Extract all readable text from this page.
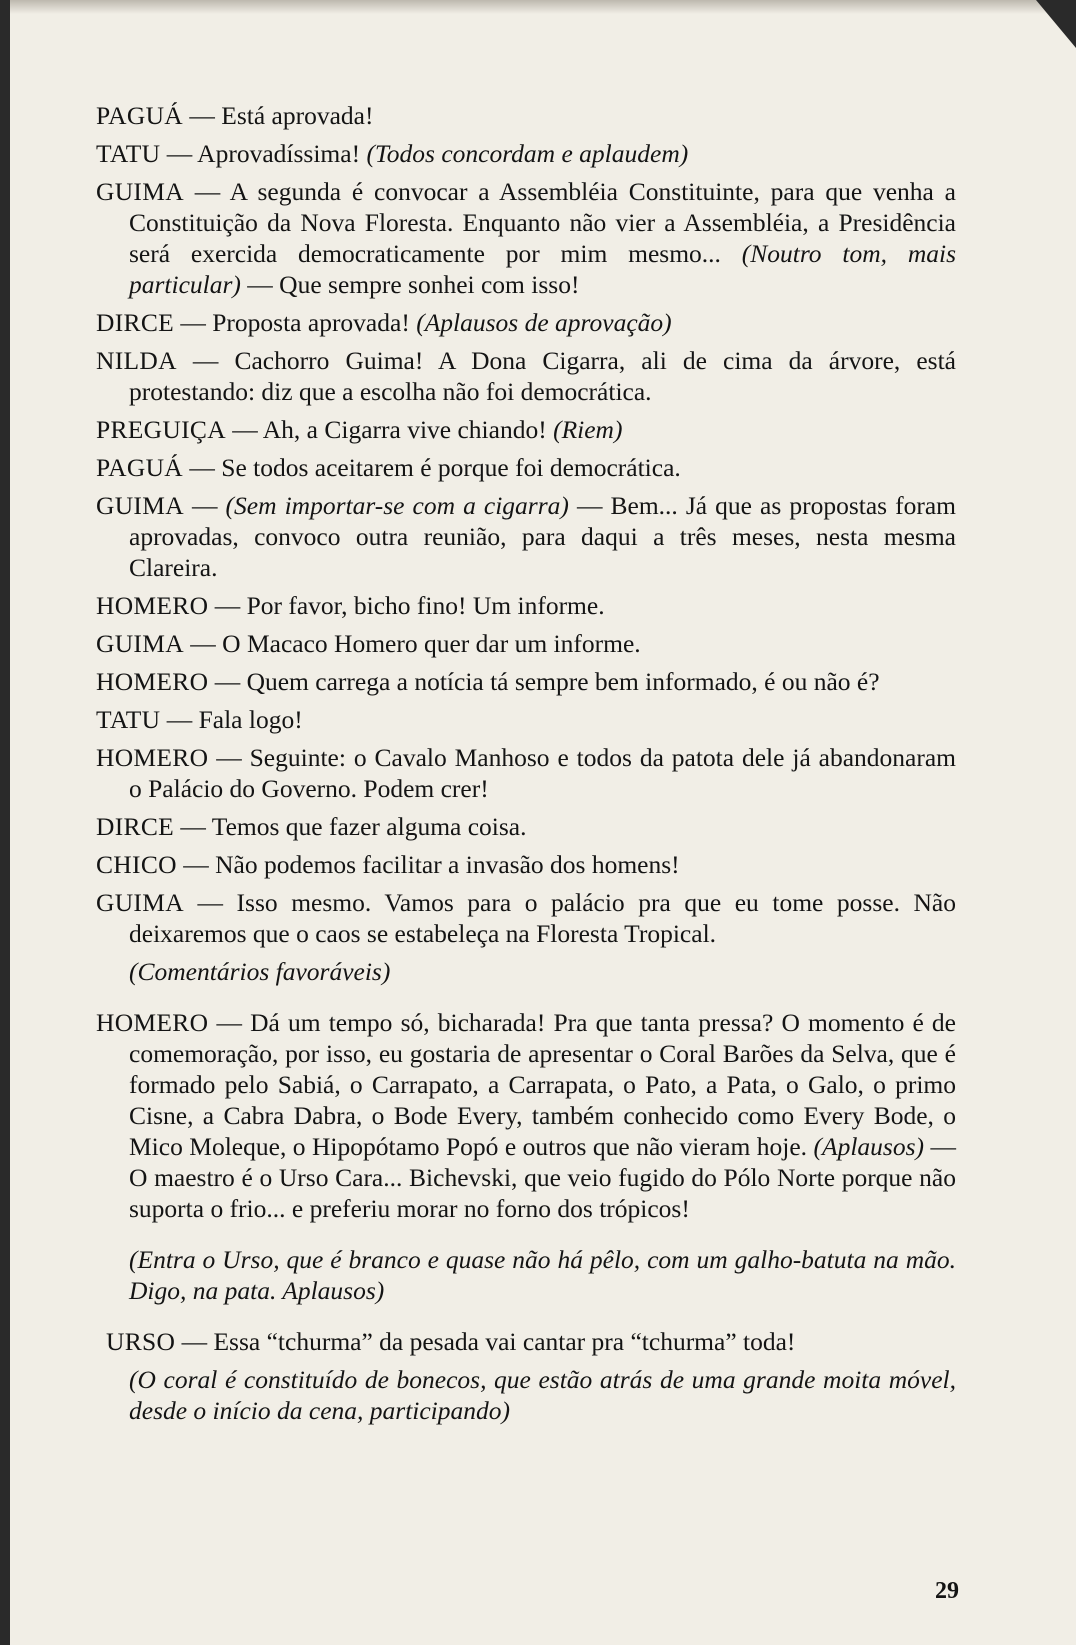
PAGUÁ — Está aprovada!

TATU — Aprovadíssima! (Todos concordam e aplaudem)

GUIMA — A segunda é convocar a Assembléia Constituinte, para que venha a Constituição da Nova Floresta. Enquanto não vier a Assembléia, a Presidência será exercida democraticamente por mim mesmo... (Noutro tom, mais particular) — Que sempre sonhei com isso!

DIRCE — Proposta aprovada! (Aplausos de aprovação)

NILDA — Cachorro Guima! A Dona Cigarra, ali de cima da árvore, está protestando: diz que a escolha não foi democrática.

PREGUIÇA — Ah, a Cigarra vive chiando! (Riem)

PAGUÁ — Se todos aceitarem é porque foi democrática.

GUIMA — (Sem importar-se com a cigarra) — Bem... Já que as propostas foram aprovadas, convoco outra reunião, para daqui a três meses, nesta mesma Clareira.

HOMERO — Por favor, bicho fino! Um informe.

GUIMA — O Macaco Homero quer dar um informe.

HOMERO — Quem carrega a notícia tá sempre bem informado, é ou não é?

TATU — Fala logo!

HOMERO — Seguinte: o Cavalo Manhoso e todos da patota dele já abandonaram o Palácio do Governo. Podem crer!

DIRCE — Temos que fazer alguma coisa.

CHICO — Não podemos facilitar a invasão dos homens!

GUIMA — Isso mesmo. Vamos para o palácio pra que eu tome posse. Não deixaremos que o caos se estabeleça na Floresta Tropical.

(Comentários favoráveis)

HOMERO — Dá um tempo só, bicharada! Pra que tanta pressa? O momento é de comemoração, por isso, eu gostaria de apresentar o Coral Barões da Selva, que é formado pelo Sabiá, o Carrapato, a Carrapata, o Pato, a Pata, o Galo, o primo Cisne, a Cabra Dabra, o Bode Every, também conhecido como Every Bode, o Mico Moleque, o Hipopótamo Popó e outros que não vieram hoje. (Aplausos) — O maestro é o Urso Cara... Bichevski, que veio fugido do Pólo Norte porque não suporta o frio... e preferiu morar no forno dos trópicos!

(Entra o Urso, que é branco e quase não há pêlo, com um galho-batuta na mão. Digo, na pata. Aplausos)

URSO — Essa “tchurma” da pesada vai cantar pra “tchurma” toda!

(O coral é constituído de bonecos, que estão atrás de uma grande moita móvel, desde o início da cena, participando)

29
